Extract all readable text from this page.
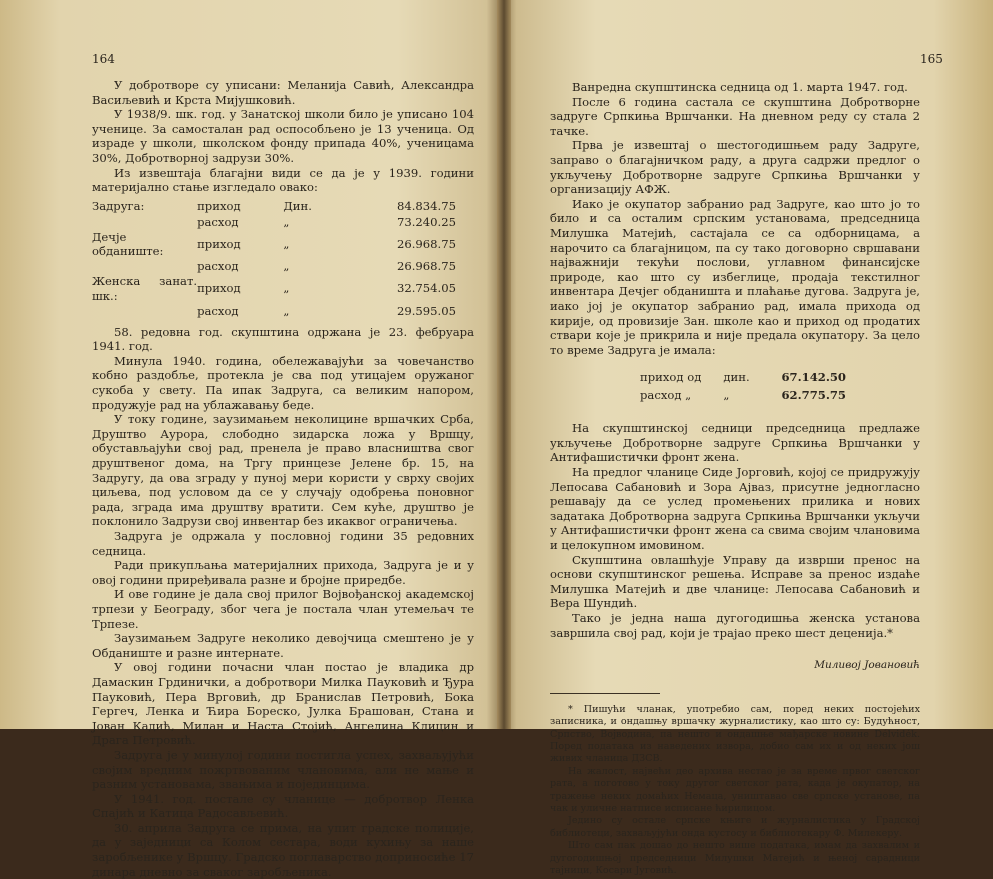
164

У добротворе су уписани: Меланија Савић, Александра Васиљевић и Крста Мијушковић.

У 1938/9. шк. год. у Занатској школи било је уписано 104 ученице. За самосталан рад оспособљено је 13 ученица. Од израде у школи, школском фонду припада 40%, ученицама 30%, Добротворној задрузи 30%.

Из извештаја благајни види се да је у 1939. години материјално стање изгледало овако:

Задруга:	приход	Дин.	84.834.75
	расход	„	73.240.25
Дечје обданиште:	приход	„	26.968.75
	расход	„	26.968.75
Женска занат. шк.:	приход	„	32.754.05
	расход	„	29.595.05

58. редовна год. скупштина одржана је 23. фебруара 1941. год.

Минула 1940. година, обележавајући за човечанство кобно раздобље, протекла је сва под утицајем оружаног сукоба у свету. Па ипак Задруга, са великим напором, продужује рад на ублажавању беде.

У току године, заузимањем неколицине вршачких Срба, Друштво Аурора, слободно зидарска ложа у Вршцу, обустављајући свој рад, пренела је право власништва свог друштвеног дома, на Тргу принцезе Јелене бр. 15, на Задругу, да ова зграду у пуној мери користи у сврху својих циљева, под условом да се у случају одобрења поновног рада, зграда има друштву вратити. Сем куће, друштво је поклонило Задрузи свој инвентар без икаквог ограничења.

Задруга је одржала у пословној години 35 редовних седница.

Ради прикупљања материјалних прихода, Задруга је и у овој години приређивала разне и бројне приредбе.

И ове године је дала свој прилог Војвођанској академској трпези у Београду, због чега је постала члан утемељач те Трпезе.

Заузимањем Задруге неколико девојчица смештено је у Обданиште и разне интернате.

У овој години почасни члан постао је владика др Дамаскин Грдинички, а добротвори Милка Пауковић и Ђура Пауковић, Пера Врговић, др Бранислав Петровић, Бока Гергеч, Ленка и Ћира Бореско, Јулка Брашован, Стана и Јован Кадић, Милан и Наста Стојић, Ангелина Клицин и Драга Петровић.

Задруга је у минулој години постигла успех, захваљујући својим вредним пожртвованим члановима, али не мање и разним установама, звањима и појединцима.

У 1941. год. постале су чланице — добротвор Ленка Спајић и Катица Радосављевић.

30. априла Задруга се прима, на упит градске полиције, да у заједници са Колом сестара, води кухињу за наше заробљенике у Вршцу. Градско поглаварство доприносиће 17 динара дневно за сваког заробљеника.

165

Ванредна скупштинска седница од 1. марта 1947. год.

После 6 година састала се скупштина Добротворне задруге Српкиња Вршчанки. На дневном реду су стала 2 тачке.

Прва је извештај о шестогодишњем раду Задруге, заправо о благајничком раду, а друга садржи предлог о укључењу Добротворне задруге Српкиња Вршчанки у организацију АФЖ.

Иако је окупатор забранио рад Задруге, као што јо то било и са осталим српским установама, председница Милушка Матејић, састајала се са одборницама, а нарочито са благајницом, па су тако договорно свршавани најважнији текући послови, углавном финансијске природе, као што су избеглице, продаја текстилног инвентара Дечјег обданишта и плаћање дугова. Задруга је, иако јој је окупатор забранио рад, имала прихода од кирије, од провизије Зан. школе као и приход од продатих ствари које је прикрила и није предала окупатору. За цело то време Задруга је имала:

приход од	дин.	67.142.50
расход „	„	62.775.75

На скупштинској седници председница предлаже укључење Добротворне задруге Српкиња Вршчанки у Антифашистички фронт жена.

На предлог чланице Сиде Јорговић, којој се придружују Лепосава Сабановић и Зора Ајваз, присутне једногласно решавају да се услед промењених прилика и нових задатака Добротворна задруга Српкиња Вршчанки укључи у Антифашистички фронт жена са свима својим члановима и целокупном имовином.

Скупштина овлашћује Управу да изврши пренос на основи скупштинског решења. Исправе за пренос издаће Милушка Матејић и две чланице: Лепосава Сабановић и Вера Шундић.

Тако је једна наша дугогодишња женска установа завршила свој рад, који је трајао преко шест деценија.*

Миливој Јовановић

* Пишући чланак, употребио сам, поред неких постојећих записника, и ондашњу вршачку журналистику, као што су: Будућност, Српство, Војводина, па нешто и ондашње мађарске новине Délvidék. Поред података из наведених извора, добио сам их и од неких још живих чланица ДЗСВ.

На жалост, највећи део архива нестао је за време првог светског рата, а поготово у току другог светског рата, када је окупатор, на тражење неких домаћих Немаца, уништавао све српске установе, па чак и уличне натписе исписане ћирилицом.

Једино су остале српске књиге и журналистика у Градској библиотеци, захваљујући онда кустосу и библиотекару Ф. Милекеру.

Што сам пак дошао до нешто више података, имам да захвалим и дугогодишњој председници Милушки Матејић и њеној сарадници тајници, Косари Југовић.
